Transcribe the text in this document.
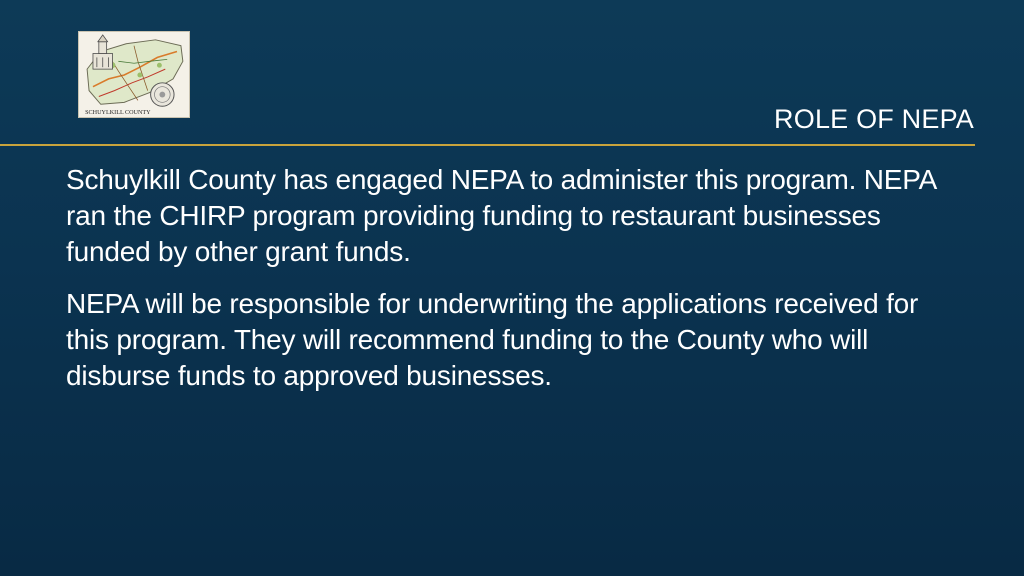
SCHUYLKILL COUNTY	ROLE OF NEPA

Schuylkill County has engaged NEPA to administer this program. NEPA ran the CHIRP program providing funding to restaurant businesses funded by other grant funds.

NEPA will be responsible for underwriting the applications received for this program. They will recommend funding to the County who will disburse funds to approved businesses.
